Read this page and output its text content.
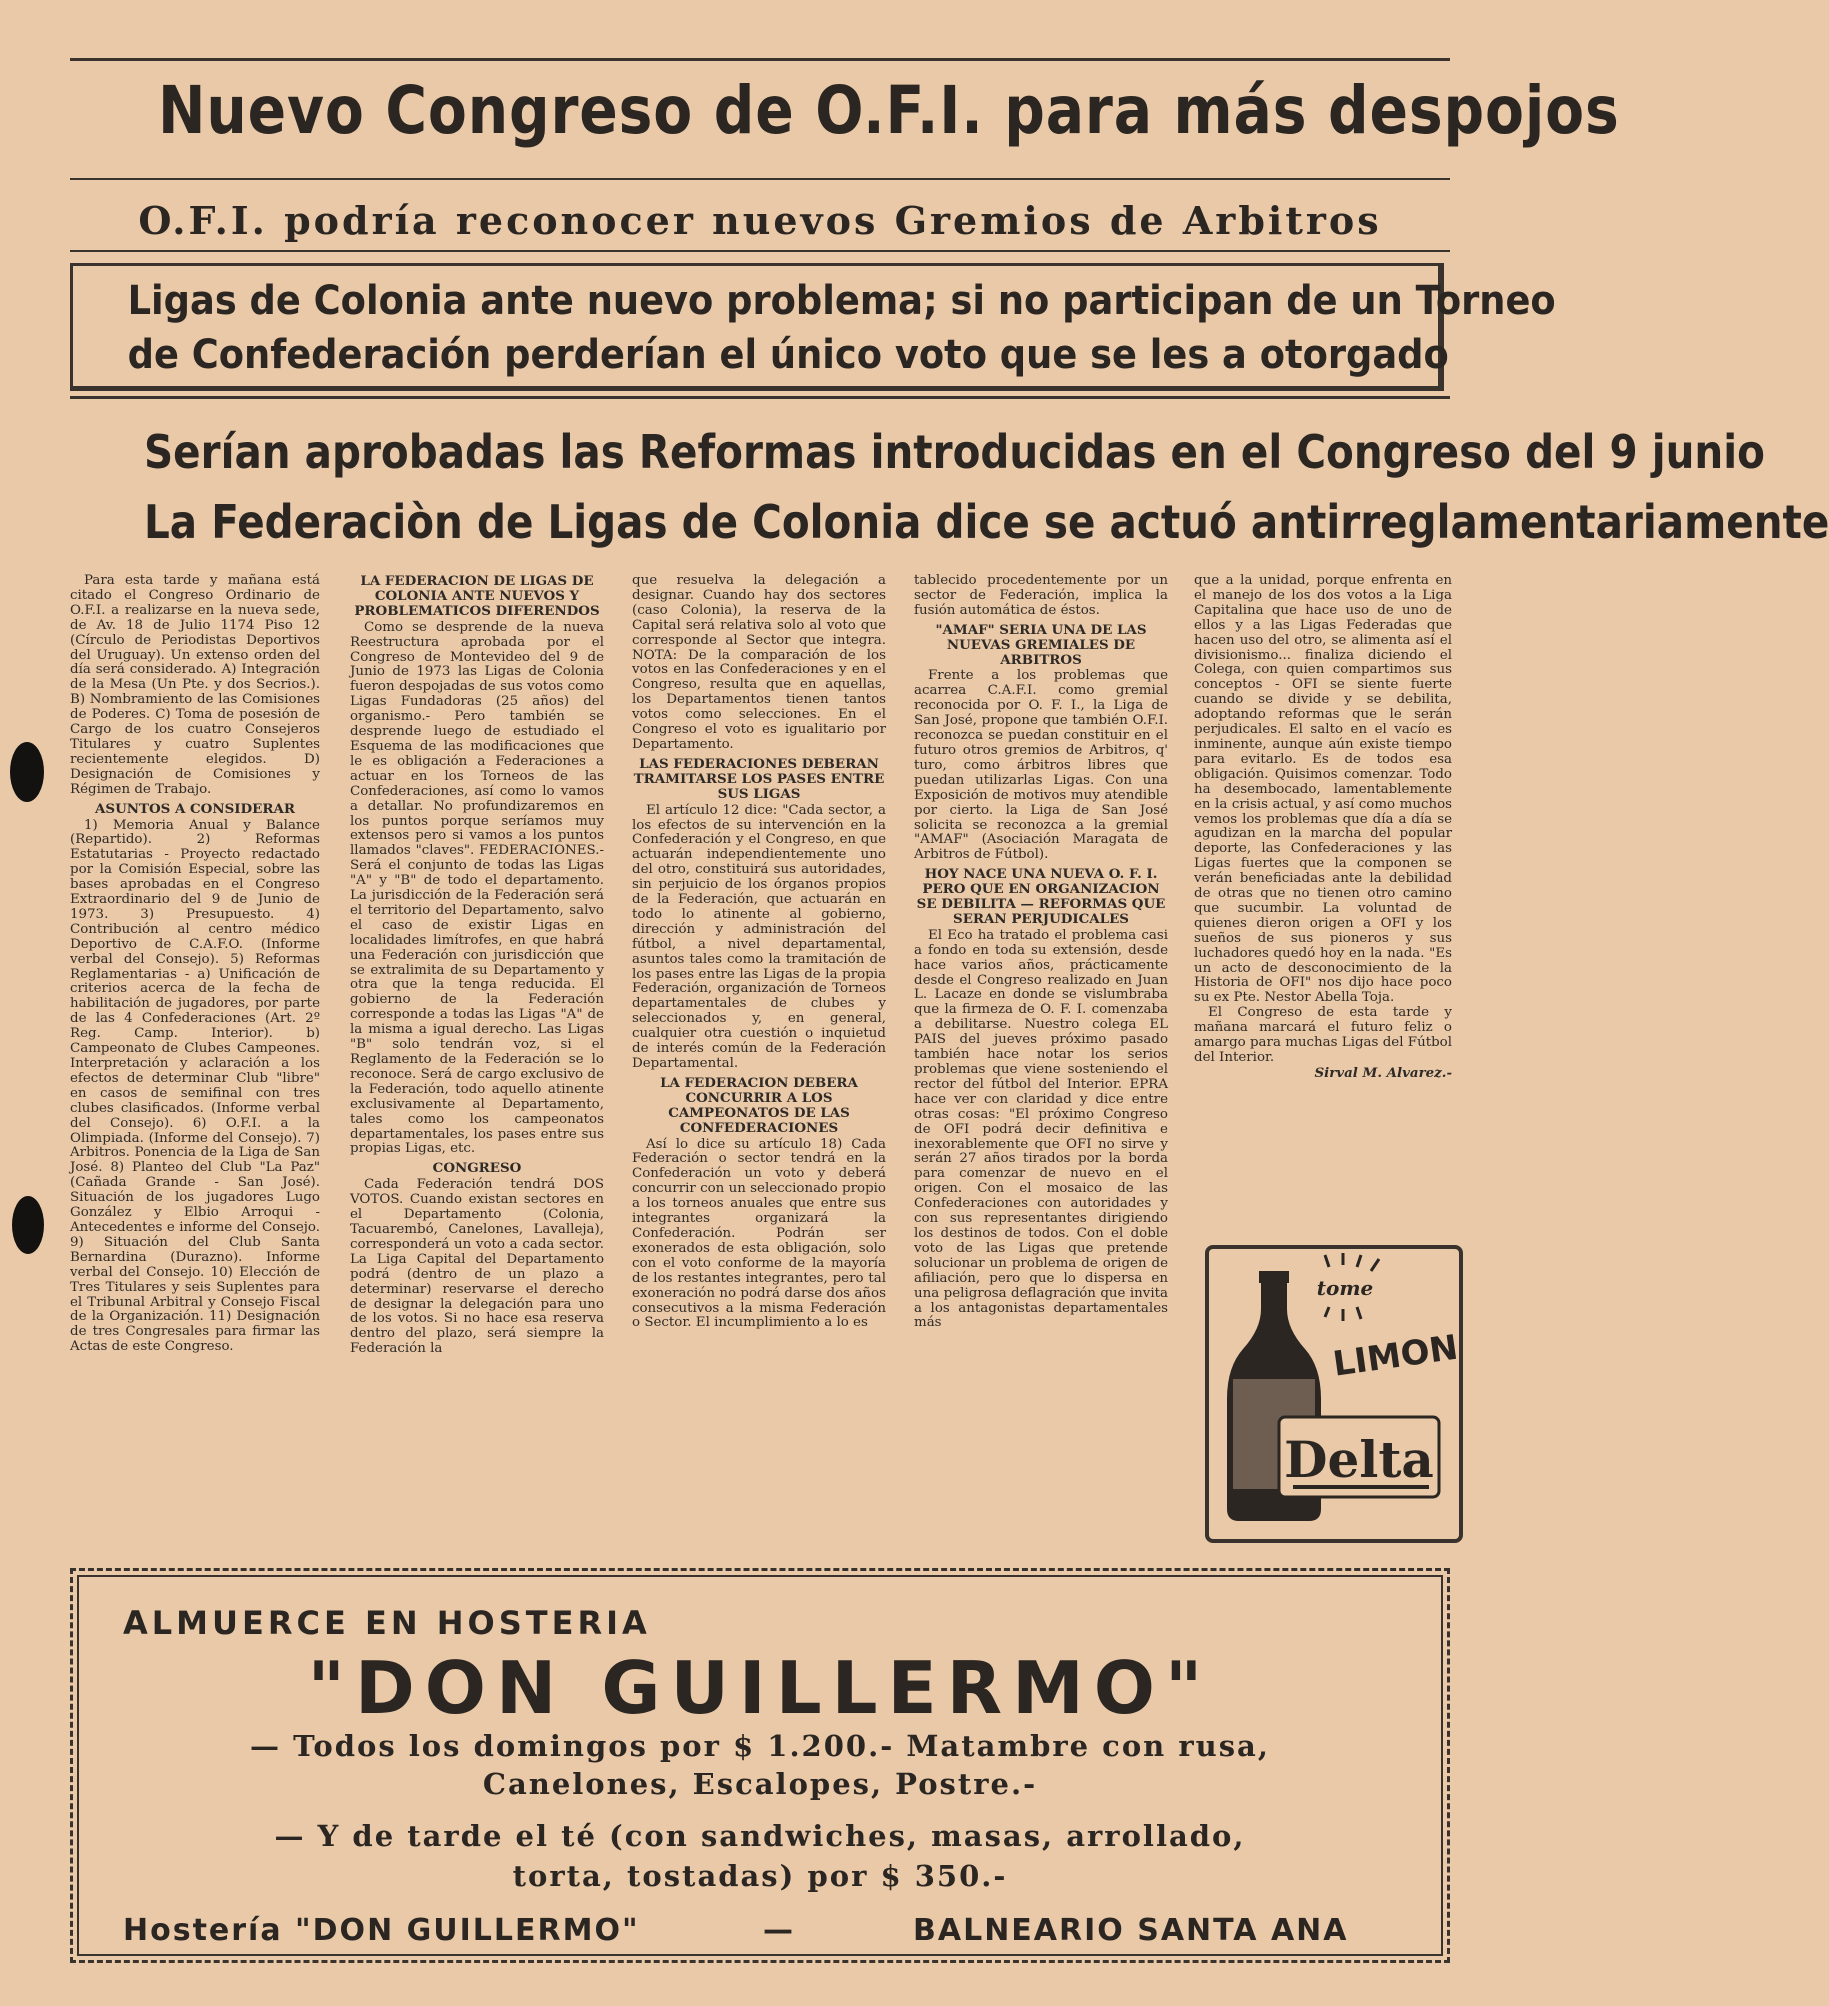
Nuevo Congreso de O.F.I. para más despojos
O.F.I. podría reconocer nuevos Gremios de Arbitros
Ligas de Colonia ante nuevo problema; si no participan de un Torneo
de Confederación perderían el único voto que se les a otorgado
Serían aprobadas las Reformas introducidas en el Congreso del 9 junio
La Federaciòn de Ligas de Colonia dice se actuó antirreglamentariamente

Para esta tarde y mañana está citado el Congreso Ordinario de O.F.I. a realizarse en la nueva sede, de Av. 18 de Julio 1174 Piso 12 (Círculo de Periodistas Deportivos del Uruguay). Un extenso orden del día será considerado. A) Integración de la Mesa (Un Pte. y dos Secrios.). B) Nombramiento de las Comisiones de Poderes. C) Toma de posesión de Cargo de los cuatro Consejeros Titulares y cuatro Suplentes recientemente elegidos. D) Designación de Comisiones y Régimen de Trabajo.

ASUNTOS A CONSIDERAR

1) Memoria Anual y Balance (Repartido). 2) Reformas Estatutarias - Proyecto redactado por la Comisión Especial, sobre las bases aprobadas en el Congreso Extraordinario del 9 de Junio de 1973. 3) Presupuesto. 4) Contribución al centro médico Deportivo de C.A.F.O. (Informe verbal del Consejo). 5) Reformas Reglamentarias - a) Unificación de criterios acerca de la fecha de habilitación de jugadores, por parte de las 4 Confederaciones (Art. 2º Reg. Camp. Interior). b) Campeonato de Clubes Campeones. Interpretación y aclaración a los efectos de determinar Club "libre" en casos de semifinal con tres clubes clasificados. (Informe verbal del Consejo). 6) O.F.I. a la Olimpiada. (Informe del Consejo). 7) Arbitros. Ponencia de la Liga de San José. 8) Planteo del Club "La Paz" (Cañada Grande - San José). Situación de los jugadores Lugo González y Elbio Arroqui - Antecedentes e informe del Consejo. 9) Situación del Club Santa Bernardina (Durazno). Informe verbal del Consejo. 10) Elección de Tres Titulares y seis Suplentes para el Tribunal Arbitral y Consejo Fiscal de la Organización. 11) Designación de tres Congresales para firmar las Actas de este Congreso.

LA FEDERACION DE LIGAS DE COLONIA ANTE NUEVOS Y PROBLEMATICOS DIFERENDOS

Como se desprende de la nueva Reestructura aprobada por el Congreso de Montevideo del 9 de Junio de 1973 las Ligas de Colonia fueron despojadas de sus votos como Ligas Fundadoras (25 años) del organismo.- Pero también se desprende luego de estudiado el Esquema de las modificaciones que le es obligación a Federaciones a actuar en los Torneos de las Confederaciones, así como lo vamos a detallar. No profundizaremos en los puntos porque seríamos muy extensos pero si vamos a los puntos llamados "claves". FEDERACIONES.- Será el conjunto de todas las Ligas "A" y "B" de todo el departamento. La jurisdicción de la Federación será el territorio del Departamento, salvo el caso de existir Ligas en localidades limítrofes, en que habrá una Federación con jurisdicción que se extralimita de su Departamento y otra que la tenga reducida. El gobierno de la Federación corresponde a todas las Ligas "A" de la misma a igual derecho. Las Ligas "B" solo tendrán voz, si el Reglamento de la Federación se lo reconoce. Será de cargo exclusivo de la Federación, todo aquello atinente exclusivamente al Departamento, tales como los campeonatos departamentales, los pases entre sus propias Ligas, etc.

CONGRESO

Cada Federación tendrá DOS VOTOS. Cuando existan sectores en el Departamento (Colonia, Tacuarembó, Canelones, Lavalleja), corresponderá un voto a cada sector. La Liga Capital del Departamento podrá (dentro de un plazo a determinar) reservarse el derecho de designar la delegación para uno de los votos. Si no hace esa reserva dentro del plazo, será siempre la Federación la

que resuelva la delegación a designar. Cuando hay dos sectores (caso Colonia), la reserva de la Capital será relativa solo al voto que corresponde al Sector que integra. NOTA: De la comparación de los votos en las Confederaciones y en el Congreso, resulta que en aquellas, los Departamentos tienen tantos votos como selecciones. En el Congreso el voto es igualitario por Departamento.

LAS FEDERACIONES DEBERAN TRAMITARSE LOS PASES ENTRE SUS LIGAS

El artículo 12 dice: "Cada sector, a los efectos de su intervención en la Confederación y el Congreso, en que actuarán independientemente uno del otro, constituirá sus autoridades, sin perjuicio de los órganos propios de la Federación, que actuarán en todo lo atinente al gobierno, dirección y administración del fútbol, a nivel departamental, asuntos tales como la tramitación de los pases entre las Ligas de la propia Federación, organización de Torneos departamentales de clubes y seleccionados y, en general, cualquier otra cuestión o inquietud de interés común de la Federación Departamental.

LA FEDERACION DEBERA CONCURRIR A LOS CAMPEONATOS DE LAS CONFEDERACIONES

Así lo dice su artículo 18) Cada Federación o sector tendrá en la Confederación un voto y deberá concurrir con un seleccionado propio a los torneos anuales que entre sus integrantes organizará la Confederación. Podrán ser exonerados de esta obligación, solo con el voto conforme de la mayoría de los restantes integrantes, pero tal exoneración no podrá darse dos años consecutivos a la misma Federación o Sector. El incumplimiento a lo es

tablecido procedentemente por un sector de Federación, implica la fusión automática de éstos.

"AMAF" SERIA UNA DE LAS NUEVAS GREMIALES DE ARBITROS

Frente a los problemas que acarrea C.A.F.I. como gremial reconocida por O. F. I., la Liga de San José, propone que también O.F.I. reconozca se puedan constituir en el futuro otros gremios de Arbitros, q' turo, como árbitros libres que puedan utilizarlas Ligas. Con una Exposición de motivos muy atendible por cierto. la Liga de San José solicita se reconozca a la gremial "AMAF" (Asociación Maragata de Arbitros de Fútbol).

HOY NACE UNA NUEVA O. F. I. PERO QUE EN ORGANIZACION SE DEBILITA — REFORMAS QUE SERAN PERJUDICALES

El Eco ha tratado el problema casi a fondo en toda su extensión, desde hace varios años, prácticamente desde el Congreso realizado en Juan L. Lacaze en donde se vislumbraba que la firmeza de O. F. I. comenzaba a debilitarse. Nuestro colega EL PAIS del jueves próximo pasado también hace notar los serios problemas que viene sosteniendo el rector del fútbol del Interior. EPRA hace ver con claridad y dice entre otras cosas: "El próximo Congreso de OFI podrá decir definitiva e inexorablemente que OFI no sirve y serán 27 años tirados por la borda para comenzar de nuevo en el origen. Con el mosaico de las Confederaciones con autoridades y con sus representantes dirigiendo los destinos de todos. Con el doble voto de las Ligas que pretende solucionar un problema de origen de afiliación, pero que lo dispersa en una peligrosa deflagración que invita a los antagonistas departamentales más

que a la unidad, porque enfrenta en el manejo de los dos votos a la Liga Capitalina que hace uso de uno de ellos y a las Ligas Federadas que hacen uso del otro, se alimenta así el divisionismo... finaliza diciendo el Colega, con quien compartimos sus conceptos - OFI se siente fuerte cuando se divide y se debilita, adoptando reformas que le serán perjudicales. El salto en el vacío es inminente, aunque aún existe tiempo para evitarlo. Es de todos esa obligación. Quisimos comenzar. Todo ha desembocado, lamentablemente en la crisis actual, y así como muchos vemos los problemas que día a día se agudizan en la marcha del popular deporte, las Confederaciones y las Ligas fuertes que la componen se verán beneficiadas ante la debilidad de otras que no tienen otro camino que sucumbir. La voluntad de quienes dieron origen a OFI y los sueños de sus pioneros y sus luchadores quedó hoy en la nada. "Es un acto de desconocimiento de la Historia de OFI" nos dijo hace poco su ex Pte. Nestor Abella Toja.

El Congreso de esta tarde y mañana marcará el futuro feliz o amargo para muchas Ligas del Fútbol del Interior.

Sirval M. Alvarez.-
tome
LIMON
Delta
ALMUERCE EN HOSTERIA
"DON GUILLERMO"
— Todos los domingos por $ 1.200.- Matambre con rusa,
Canelones, Escalopes, Postre.-
— Y de tarde el té (con sandwiches, masas, arrollado,
torta, tostadas) por $ 350.-
Hostería "DON GUILLERMO"	—	BALNEARIO SANTA ANA
